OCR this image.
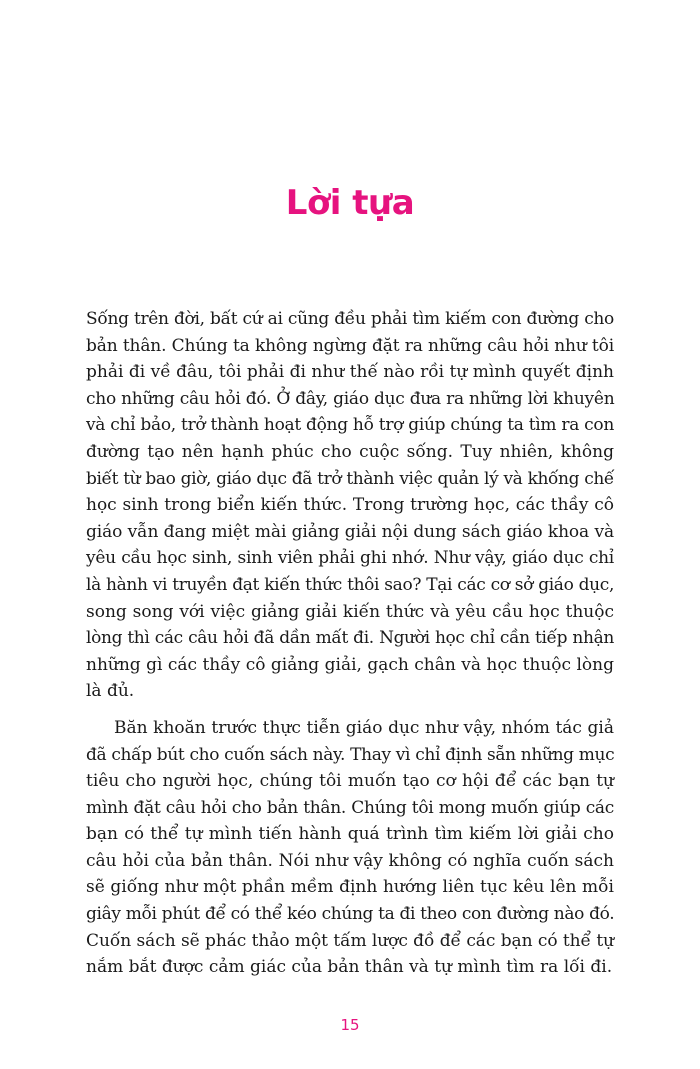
Lời tựa
Sống trên đời, bất cứ ai cũng đều phải tìm kiếm con đường cho
bản thân. Chúng ta không ngừng đặt ra những câu hỏi như tôi
phải đi về đâu, tôi phải đi như thế nào rồi tự mình quyết định
cho những câu hỏi đó. Ở đây, giáo dục đưa ra những lời khuyên
và chỉ bảo, trở thành hoạt động hỗ trợ giúp chúng ta tìm ra con
đường tạo nên hạnh phúc cho cuộc sống. Tuy nhiên, không
biết từ bao giờ, giáo dục đã trở thành việc quản lý và khống chế
học sinh trong biển kiến thức. Trong trường học, các thầy cô
giáo vẫn đang miệt mài giảng giải nội dung sách giáo khoa và
yêu cầu học sinh, sinh viên phải ghi nhớ. Như vậy, giáo dục chỉ
là hành vi truyền đạt kiến thức thôi sao? Tại các cơ sở giáo dục,
song song với việc giảng giải kiến thức và yêu cầu học thuộc
lòng thì các câu hỏi đã dần mất đi. Người học chỉ cần tiếp nhận
những gì các thầy cô giảng giải, gạch chân và học thuộc lòng
là đủ.
Băn khoăn trước thực tiễn giáo dục như vậy, nhóm tác giả
đã chấp bút cho cuốn sách này. Thay vì chỉ định sẵn những mục
tiêu cho người học, chúng tôi muốn tạo cơ hội để các bạn tự
mình đặt câu hỏi cho bản thân. Chúng tôi mong muốn giúp các
bạn có thể tự mình tiến hành quá trình tìm kiếm lời giải cho
câu hỏi của bản thân. Nói như vậy không có nghĩa cuốn sách
sẽ giống như một phần mềm định hướng liên tục kêu lên mỗi
giây mỗi phút để có thể kéo chúng ta đi theo con đường nào đó.
Cuốn sách sẽ phác thảo một tấm lược đồ để các bạn có thể tự
nắm bắt được cảm giác của bản thân và tự mình tìm ra lối đi.
15
